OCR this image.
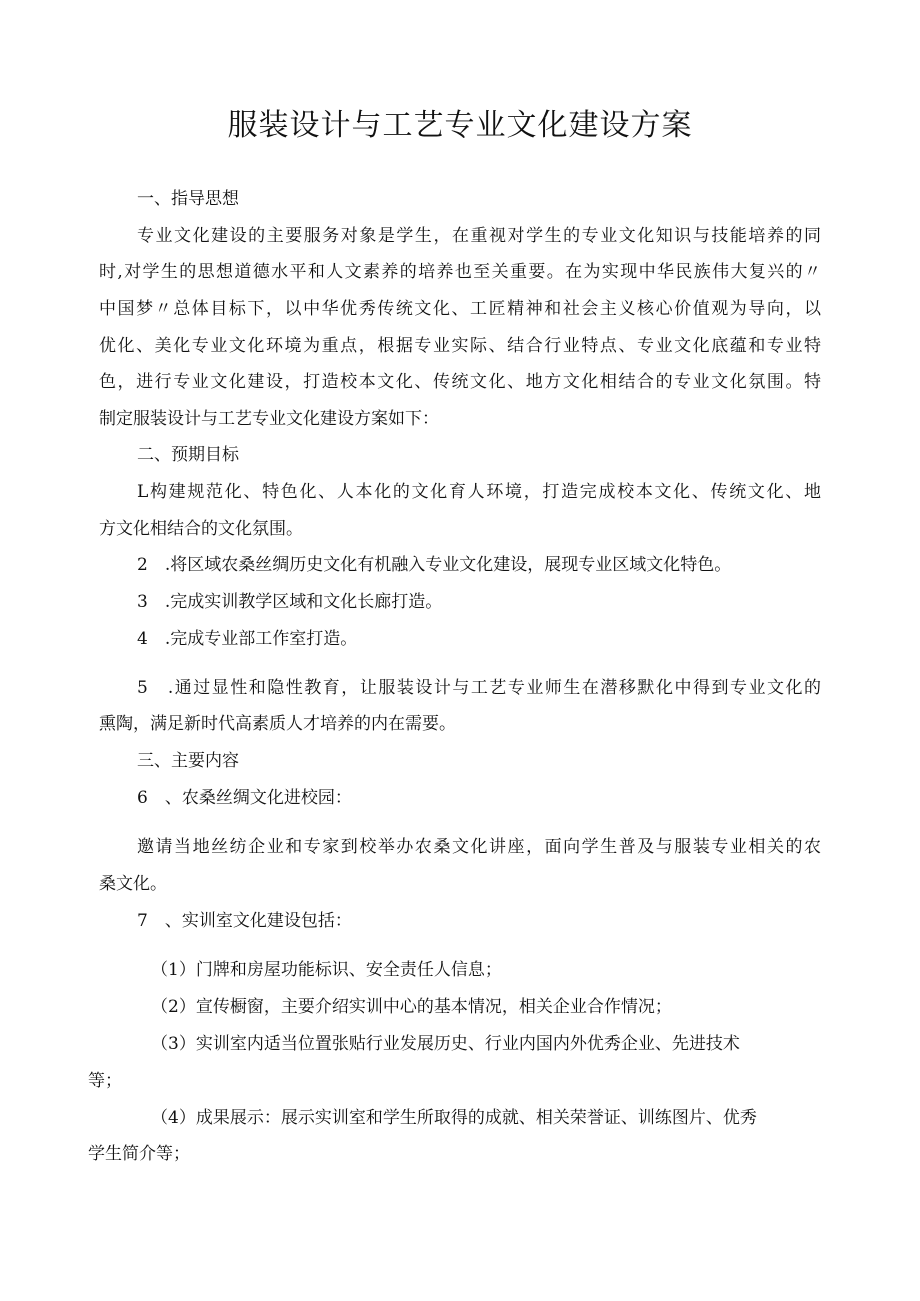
服装设计与工艺专业文化建设方案
一、指导思想
专业文化建设的主要服务对象是学生，在重视对学生的专业文化知识与技能培养的同
时,对学生的思想道德水平和人文素养的培养也至关重要。在为实现中华民族伟大复兴的〃
中国梦〃总体目标下，以中华优秀传统文化、工匠精神和社会主义核心价值观为导向，以
优化、美化专业文化环境为重点，根据专业实际、结合行业特点、专业文化底蕴和专业特
色，进行专业文化建设，打造校本文化、传统文化、地方文化相结合的专业文化氛围。特
制定服装设计与工艺专业文化建设方案如下：
二、预期目标
L构建规范化、特色化、人本化的文化育人环境，打造完成校本文化、传统文化、地
方文化相结合的文化氛围。
2　.将区域农桑丝绸历史文化有机融入专业文化建设，展现专业区域文化特色。
3　.完成实训教学区域和文化长廊打造。
4　.完成专业部工作室打造。
5　.通过显性和隐性教育，让服装设计与工艺专业师生在潜移默化中得到专业文化的
熏陶，满足新时代高素质人才培养的内在需要。
三、主要内容
6　、农桑丝绸文化进校园：
邀请当地丝纺企业和专家到校举办农桑文化讲座，面向学生普及与服装专业相关的农
桑文化。
7　、实训室文化建设包括：
（1）门牌和房屋功能标识、安全责任人信息；
（2）宣传橱窗，主要介绍实训中心的基本情况，相关企业合作情况；
（3）实训室内适当位置张贴行业发展历史、行业内国内外优秀企业、先进技术
等；
（4）成果展示：展示实训室和学生所取得的成就、相关荣誉证、训练图片、优秀
学生简介等；
